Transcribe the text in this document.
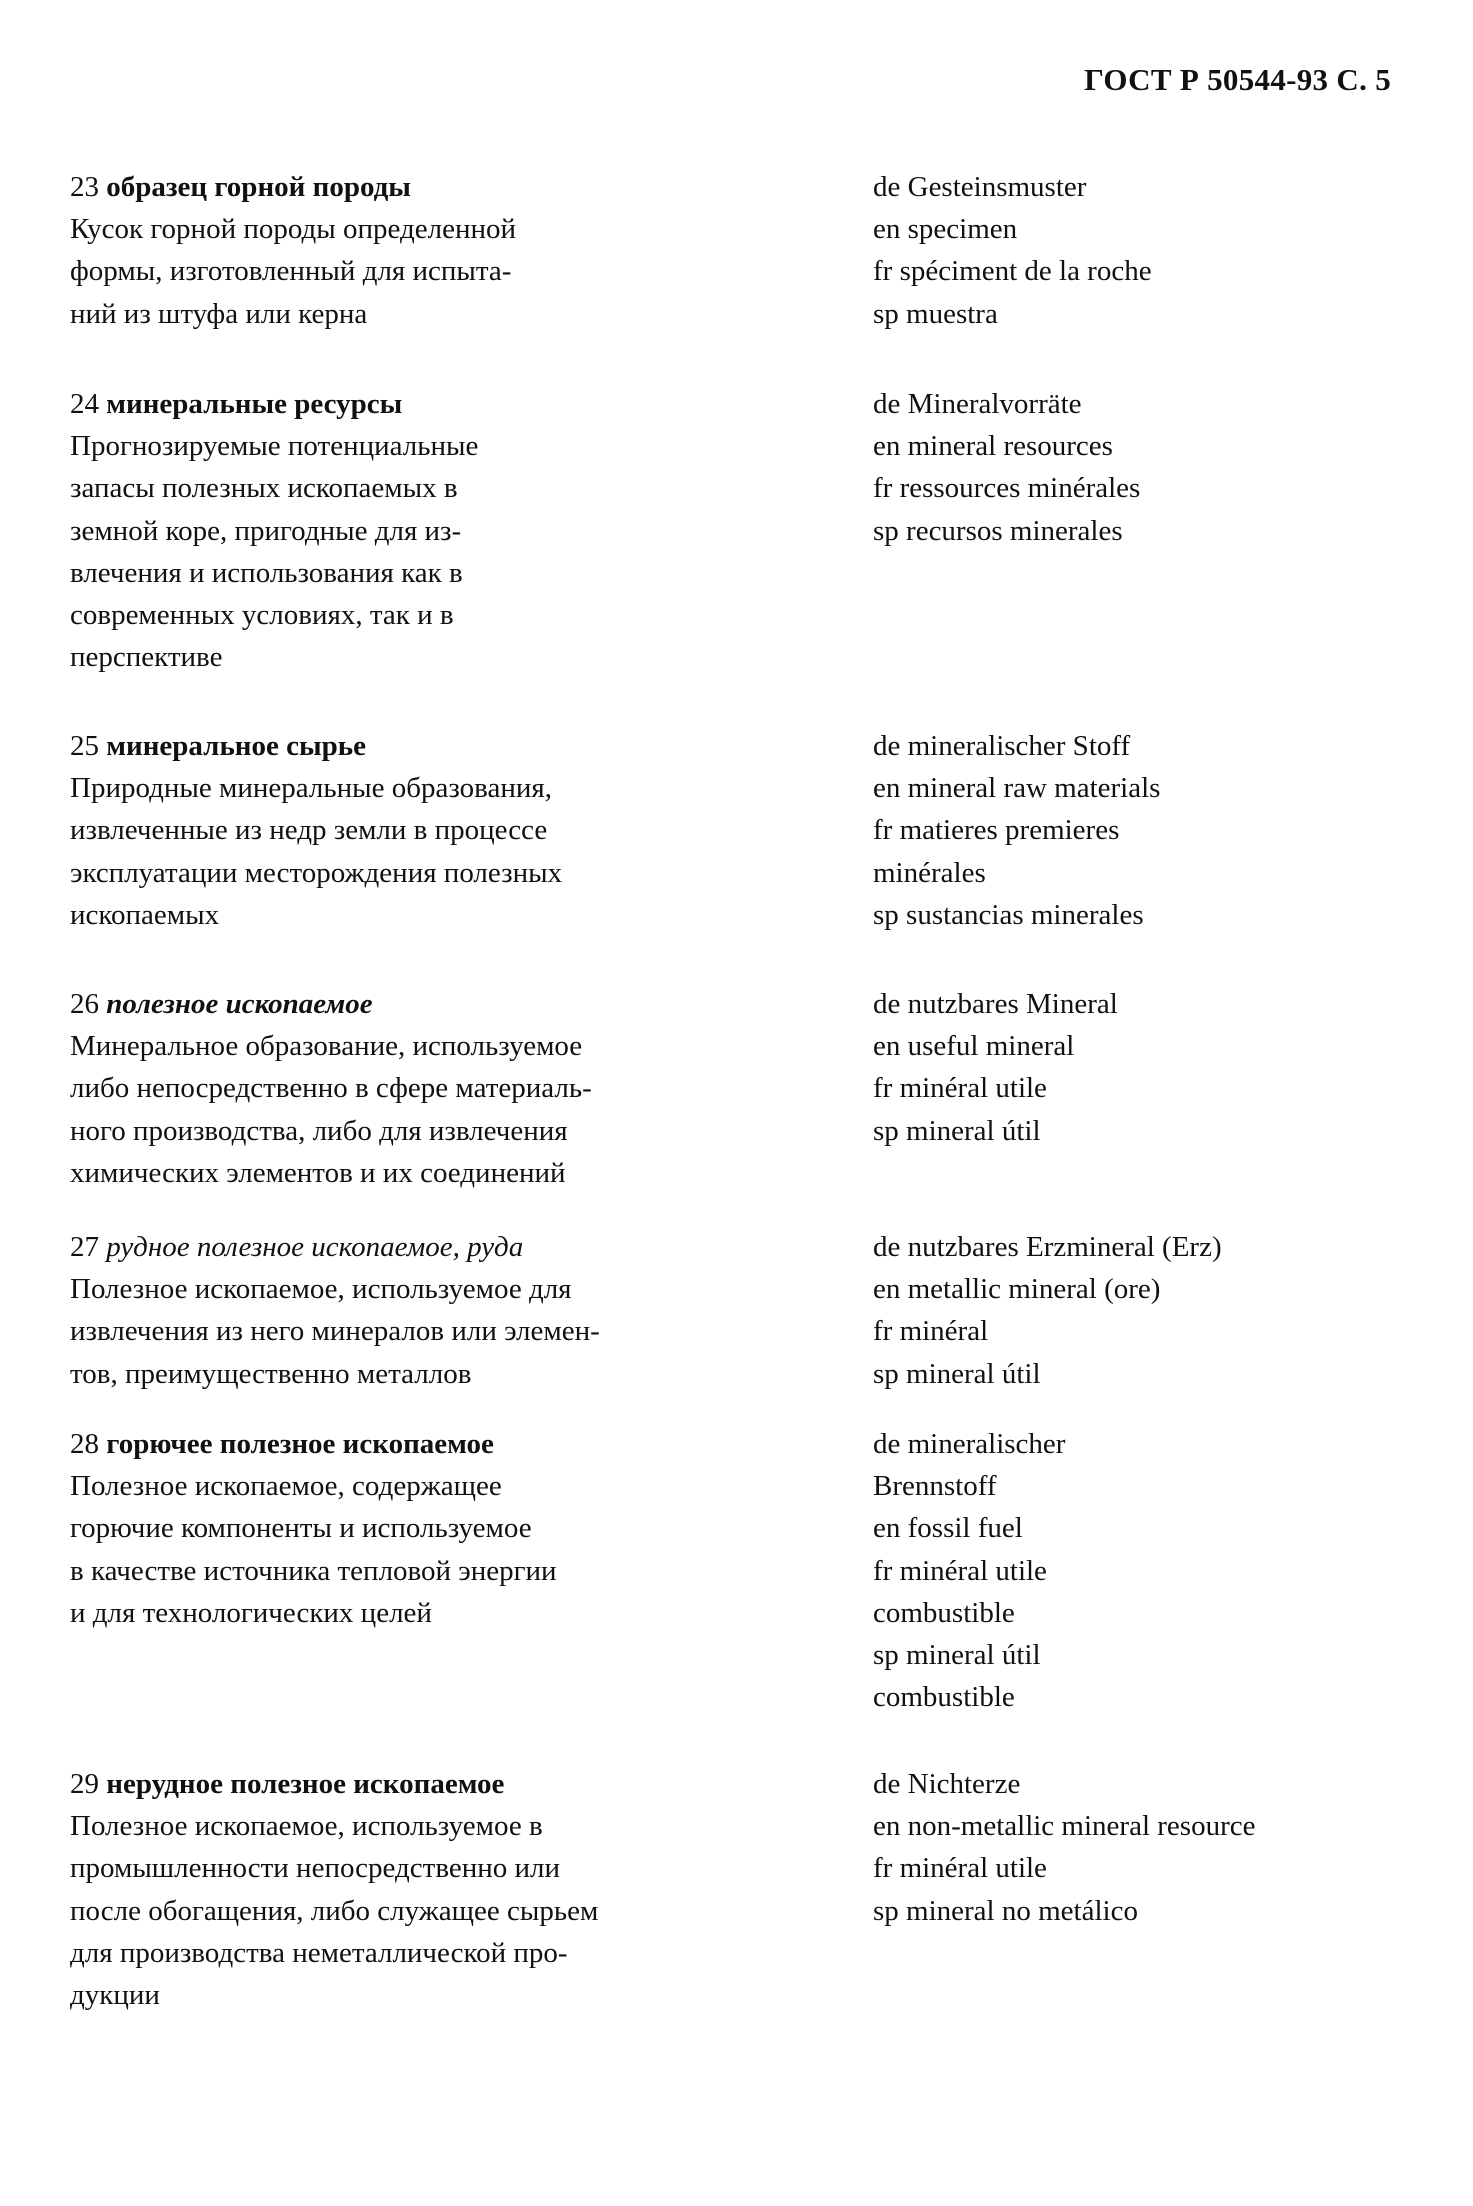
ГОСТ Р 50544-93 С. 5
23 образец горной породы
Кусок горной породы определенной
формы, изготовленный для испыта-
ний из штуфа или керна
de Gesteinsmuster
en specimen
fr spéciment de la roche
sp muestra
24 минеральные ресурсы
Прогнозируемые потенциальные
запасы полезных ископаемых в
земной коре, пригодные для из-
влечения и использования как в
современных условиях, так и в
перспективе
de Mineralvorräte
en mineral resources
fr ressources minérales
sp recursos minerales
25 минеральное сырье
Природные минеральные образования,
извлеченные из недр земли в процессе
эксплуатации месторождения полезных
ископаемых
de mineralischer Stoff
en mineral raw materials
fr matieres premieres
minérales
sp sustancias minerales
26 полезное ископаемое
Минеральное образование, используемое
либо непосредственно в сфере материаль-
ного производства, либо для извлечения
химических элементов и их соединений
de nutzbares Mineral
en useful mineral
fr minéral utile
sp mineral útil
27 рудное полезное ископаемое, руда
Полезное ископаемое, используемое для
извлечения из него минералов или элемен-
тов, преимущественно металлов
de nutzbares Erzmineral (Erz)
en metallic mineral (ore)
fr minéral
sp mineral útil
28 горючее полезное ископаемое
Полезное ископаемое, содержащее
горючие компоненты и используемое
в качестве источника тепловой энергии
и для технологических целей
de mineralischer
Brennstoff
en fossil fuel
fr minéral utile
combustible
sp mineral útil
combustible
29 нерудное полезное ископаемое
Полезное ископаемое, используемое в
промышленности непосредственно или
после обогащения, либо служащее сырьем
для производства неметаллической про-
дукции
de Nichterze
en non-metallic mineral resource
fr minéral utile
sp mineral no metálico
